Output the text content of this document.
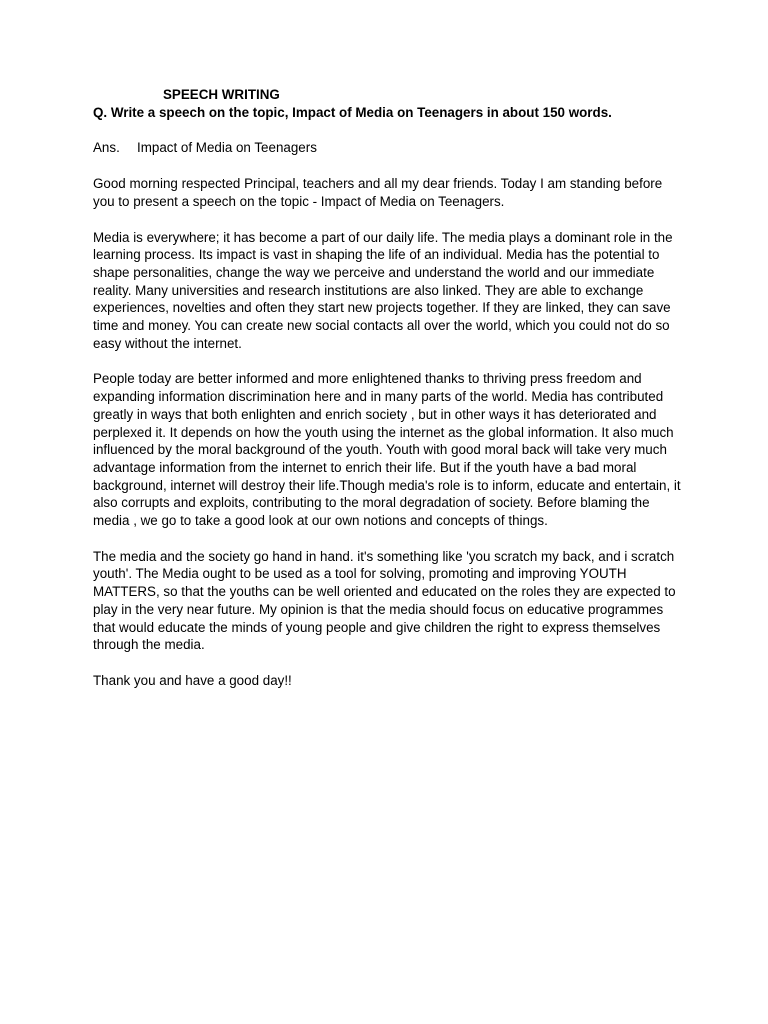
SPEECH WRITING

Q. Write a speech on the topic, Impact of Media on Teenagers in about 150 words.

Ans. Impact of Media on Teenagers

Good morning respected Principal, teachers and all my dear friends. Today I am standing before you to present a speech on the topic - Impact of Media on Teenagers.

Media is everywhere; it has become a part of our daily life. The media plays a dominant role in the learning process. Its impact is vast in shaping the life of an individual. Media has the potential to shape personalities, change the way we perceive and understand the world and our immediate reality. Many universities and research institutions are also linked. They are able to exchange experiences, novelties and often they start new projects together. If they are linked, they can save time and money. You can create new social contacts all over the world, which you could not do so easy without the internet.

People today are better informed and more enlightened thanks to thriving press freedom and expanding information discrimination here and in many parts of the world. Media has contributed greatly in ways that both enlighten and enrich society , but in other ways it has deteriorated and perplexed it. It depends on how the youth using the internet as the global information. It also much influenced by the moral background of the youth. Youth with good moral back will take very much advantage information from the internet to enrich their life. But if the youth have a bad moral background, internet will destroy their life.Though media's role is to inform, educate and entertain, it also corrupts and exploits, contributing to the moral degradation of society. Before blaming the media , we go to take a good look at our own notions and concepts of things.

The media and the society go hand in hand. it's something like 'you scratch my back, and i scratch youth'. The Media ought to be used as a tool for solving, promoting and improving YOUTH MATTERS, so that the youths can be well oriented and educated on the roles they are expected to play in the very near future. My opinion is that the media should focus on educative programmes that would educate the minds of young people and give children the right to express themselves through the media.

Thank you and have a good day!!
